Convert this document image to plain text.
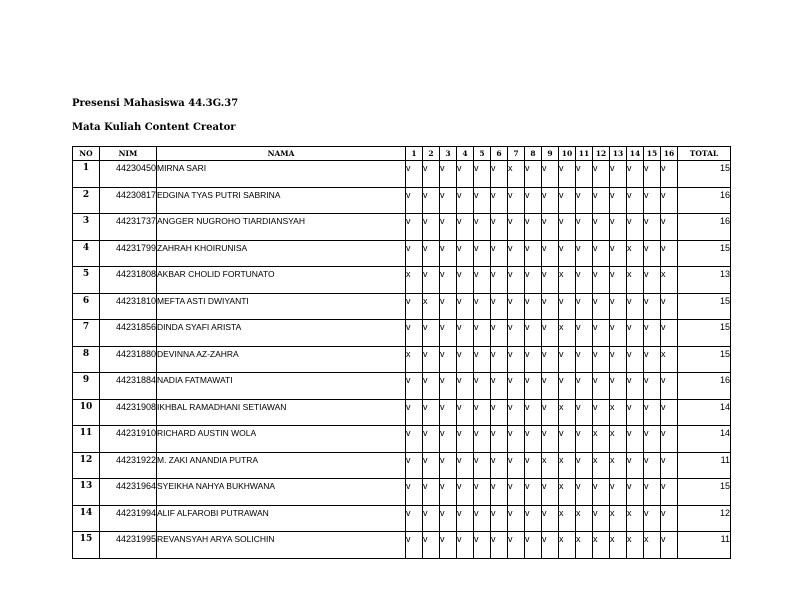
Presensi Mahasiswa 44.3G.37
Mata Kuliah Content Creator
NO	NIM	NAMA	1	2	3	4	5	6	7	8	9	10	11	12	13	14	15	16	TOTAL
1	44230450	MIRNA SARI	v	v	v	v	v	v	x	v	v	v	v	v	v	v	v	v	15
2	44230817	EDGINA TYAS PUTRI SABRINA	v	v	v	v	v	v	v	v	v	v	v	v	v	v	v	v	16
3	44231737	ANGGER NUGROHO TIARDIANSYAH	v	v	v	v	v	v	v	v	v	v	v	v	v	v	v	v	16
4	44231799	ZAHRAH KHOIRUNISA	v	v	v	v	v	v	v	v	v	v	v	v	v	x	v	v	15
5	44231808	AKBAR CHOLID FORTUNATO	x	v	v	v	v	v	v	v	v	x	v	v	v	x	v	x	13
6	44231810	MEFTA ASTI DWIYANTI	v	x	v	v	v	v	v	v	v	v	v	v	v	v	v	v	15
7	44231856	DINDA SYAFI ARISTA	v	v	v	v	v	v	v	v	v	x	v	v	v	v	v	v	15
8	44231880	DEVINNA AZ-ZAHRA	x	v	v	v	v	v	v	v	v	v	v	v	v	v	v	x	15
9	44231884	NADIA FATMAWATI	v	v	v	v	v	v	v	v	v	v	v	v	v	v	v	v	16
10	44231908	IKHBAL RAMADHANI SETIAWAN	v	v	v	v	v	v	v	v	v	x	v	v	x	v	v	v	14
11	44231910	RICHARD AUSTIN WOLA	v	v	v	v	v	v	v	v	v	v	v	x	x	v	v	v	14
12	44231922	M. ZAKI ANANDIA PUTRA	v	v	v	v	v	v	v	v	x	x	v	x	x	v	v	v	11
13	44231964	SYEIKHA NAHYA BUKHWANA	v	v	v	v	v	v	v	v	v	x	v	v	v	v	v	v	15
14	44231994	ALIF ALFAROBI PUTRAWAN	v	v	v	v	v	v	v	v	v	x	x	v	x	x	v	v	12
15	44231995	REVANSYAH ARYA SOLICHIN	v	v	v	v	v	v	v	v	v	x	x	x	x	x	x	v	11
